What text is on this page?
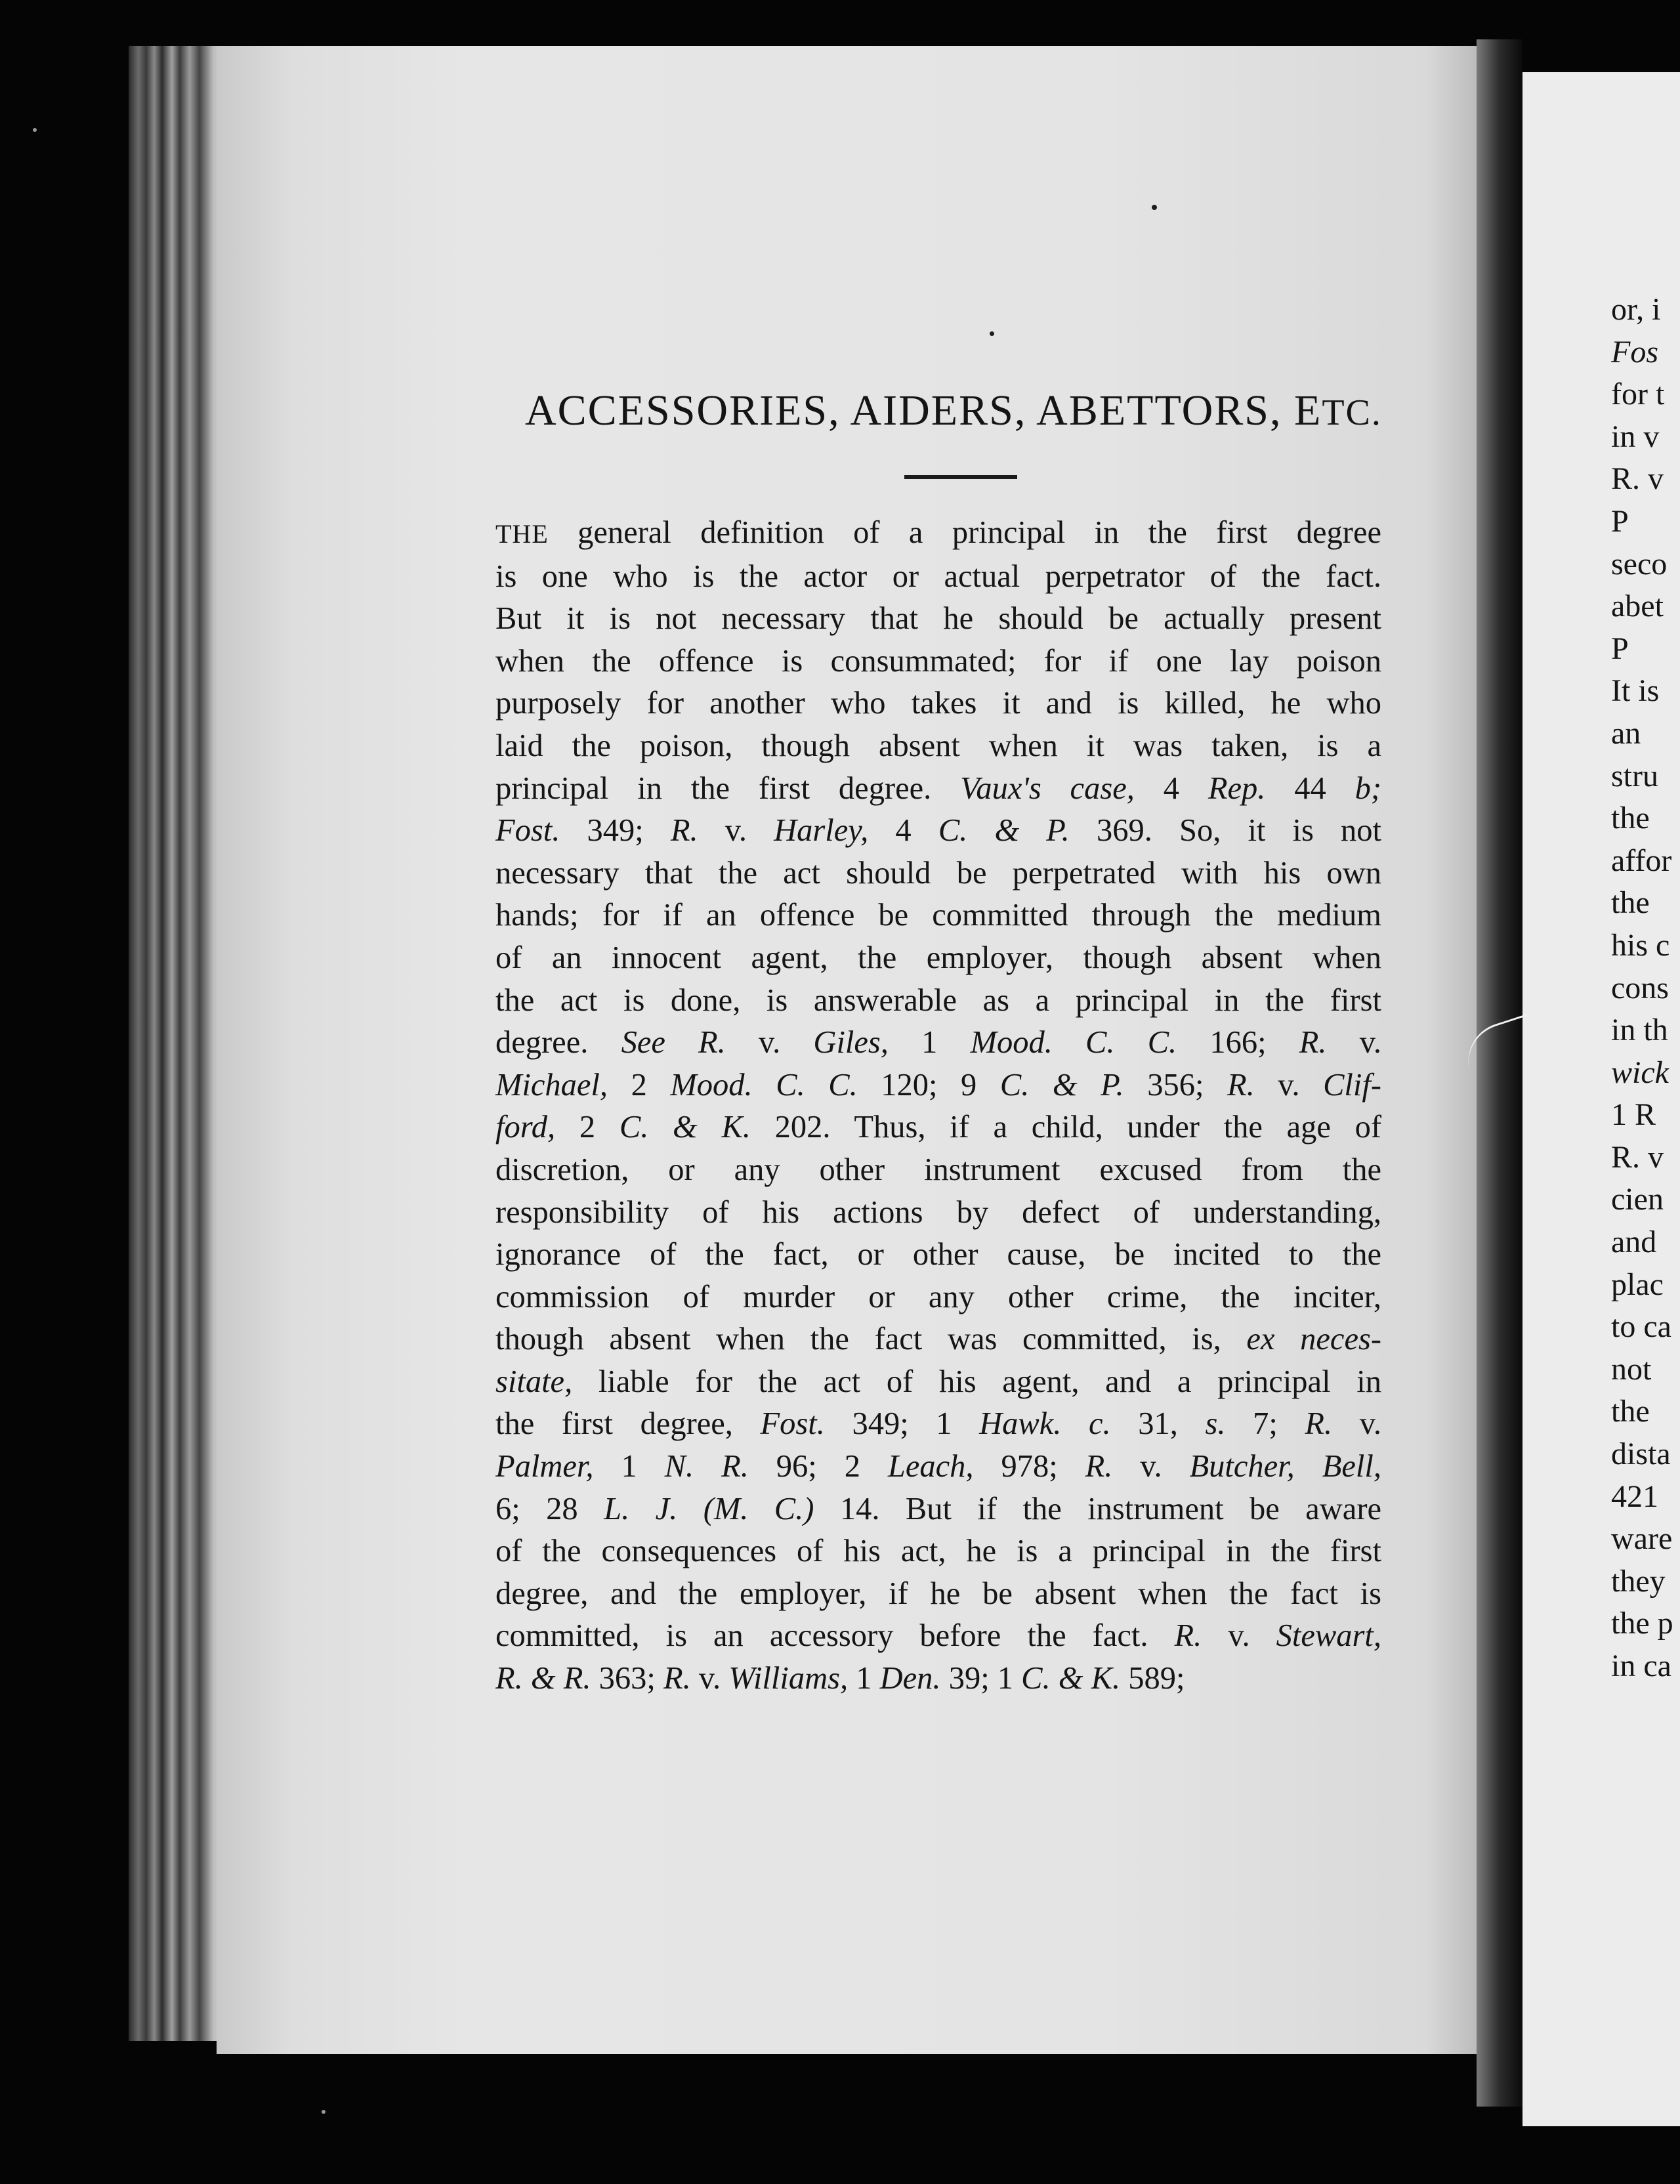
ACCESSORIES, AIDERS, ABETTORS, ETC.
THE general definition of a principal in the first degree
is one who is the actor or actual perpetrator of the fact.
But it is not necessary that he should be actually present
when the offence is consummated; for if one lay poison
purposely for another who takes it and is killed, he who
laid the poison, though absent when it was taken, is a
principal in the first degree. Vaux's case, 4 Rep. 44 b;
Fost. 349; R. v. Harley, 4 C. & P. 369. So, it is not
necessary that the act should be perpetrated with his own
hands; for if an offence be committed through the medium
of an innocent agent, the employer, though absent when
the act is done, is answerable as a principal in the first
degree. See R. v. Giles, 1 Mood. C. C. 166; R. v.
Michael, 2 Mood. C. C. 120; 9 C. & P. 356; R. v. Clif-
ford, 2 C. & K. 202. Thus, if a child, under the age of
discretion, or any other instrument excused from the
responsibility of his actions by defect of understanding,
ignorance of the fact, or other cause, be incited to the
commission of murder or any other crime, the inciter,
though absent when the fact was committed, is, ex neces-
sitate, liable for the act of his agent, and a principal in
the first degree, Fost. 349; 1 Hawk. c. 31, s. 7; R. v.
Palmer, 1 N. R. 96; 2 Leach, 978; R. v. Butcher, Bell,
6; 28 L. J. (M. C.) 14. But if the instrument be aware
of the consequences of his act, he is a principal in the first
degree, and the employer, if he be absent when the fact is
committed, is an accessory before the fact. R. v. Stewart,
R. & R. 363; R. v. Williams, 1 Den. 39; 1 C. & K. 589;
or, i
Fos
for t
in v
R. v
P
seco
abet
P
It is
an
stru
the
affor
the
his c
cons
in th
wick
1 R
R. v
cien
and
plac
to ca
not
the
dista
421
ware
they
the p
in ca
